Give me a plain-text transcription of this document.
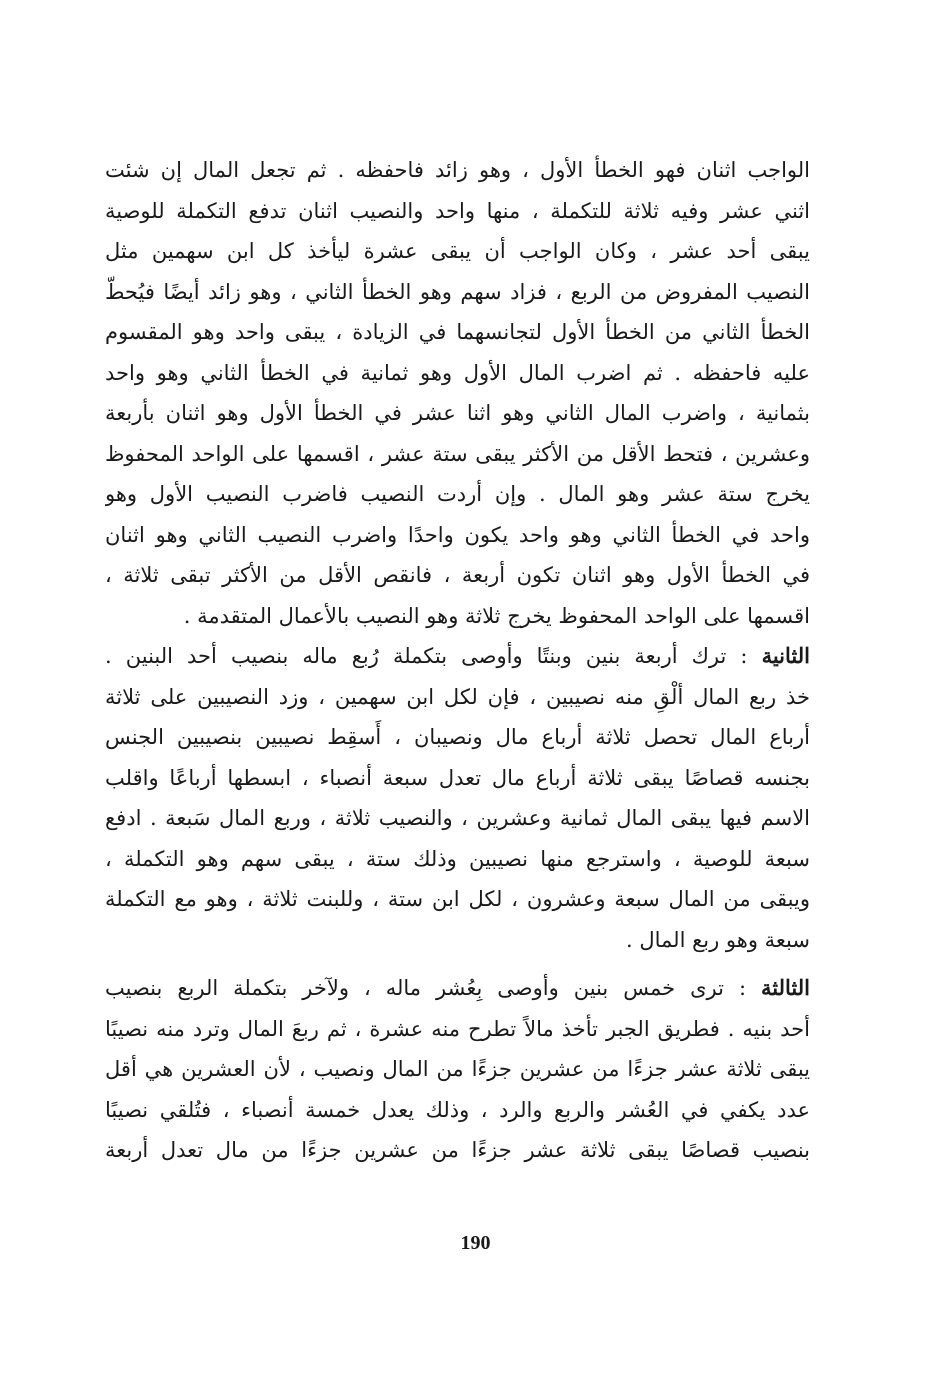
الواجب اثنان فهو الخطأ الأول ، وهو زائد فاحفظه . ثم تجعل المال إن شئت
اثني عشر وفيه ثلاثة للتكملة ، منها واحد والنصيب اثنان تدفع التكملة للوصية
يبقى أحد عشر ، وكان الواجب أن يبقى عشرة ليأخذ كل ابن سهمين مثل
النصيب المفروض من الربع ، فزاد سهم وهو الخطأ الثاني ، وهو زائد أيضًا فيُحطّ
الخطأ الثاني من الخطأ الأول لتجانسهما في الزيادة ، يبقى واحد وهو المقسوم
عليه فاحفظه . ثم اضرب المال الأول وهو ثمانية في الخطأ الثاني وهو واحد
بثمانية ، واضرب المال الثاني وهو اثنا عشر في الخطأ الأول وهو اثنان بأربعة
وعشرين ، فتحط الأقل من الأكثر يبقى ستة عشر ، اقسمها على الواحد المحفوظ
يخرج ستة عشر وهو المال . وإن أردت النصيب فاضرب النصيب الأول وهو
واحد في الخطأ الثاني وهو واحد يكون واحدًا واضرب النصيب الثاني وهو اثنان
في الخطأ الأول وهو اثنان تكون أربعة ، فانقص الأقل من الأكثر تبقى ثلاثة ،
اقسمها على الواحد المحفوظ يخرج ثلاثة وهو النصيب بالأعمال المتقدمة .
الثانية : ترك أربعة بنين وبنتًا وأوصى بتكملة رُبع ماله بنصيب أحد البنين .
خذ ربع المال ألْقِ منه نصيبين ، فإن لكل ابن سهمين ، وزد النصيبين على ثلاثة
أرباع المال تحصل ثلاثة أرباع مال ونصيبان ، أَسقِط نصيبين بنصيبين الجنس
بجنسه قصاصًا يبقى ثلاثة أرباع مال تعدل سبعة أنصباء ، ابسطها أرباعًا واقلب
الاسم فيها يبقى المال ثمانية وعشرين ، والنصيب ثلاثة ، وربع المال سَبعة . ادفع
سبعة للوصية ، واسترجع منها نصيبين وذلك ستة ، يبقى سهم وهو التكملة ،
ويبقى من المال سبعة وعشرون ، لكل ابن ستة ، وللبنت ثلاثة ، وهو مع التكملة
سبعة وهو ربع المال .
الثالثة : ترى خمس بنين وأوصى بِعُشر ماله ، ولآخر بتكملة الربع بنصيب
أحد بنيه . فطريق الجبر تأخذ مالاً تطرح منه عشرة ، ثم ربعَ المال وترد منه نصيبًا
يبقى ثلاثة عشر جزءًا من عشرين جزءًا من المال ونصيب ، لأن العشرين هي أقل
عدد يكفي في العُشر والربع والرد ، وذلك يعدل خمسة أنصباء ، فتُلقي نصيبًا
بنصيب قصاصًا يبقى ثلاثة عشر جزءًا من عشرين جزءًا من مال تعدل أربعة
190
